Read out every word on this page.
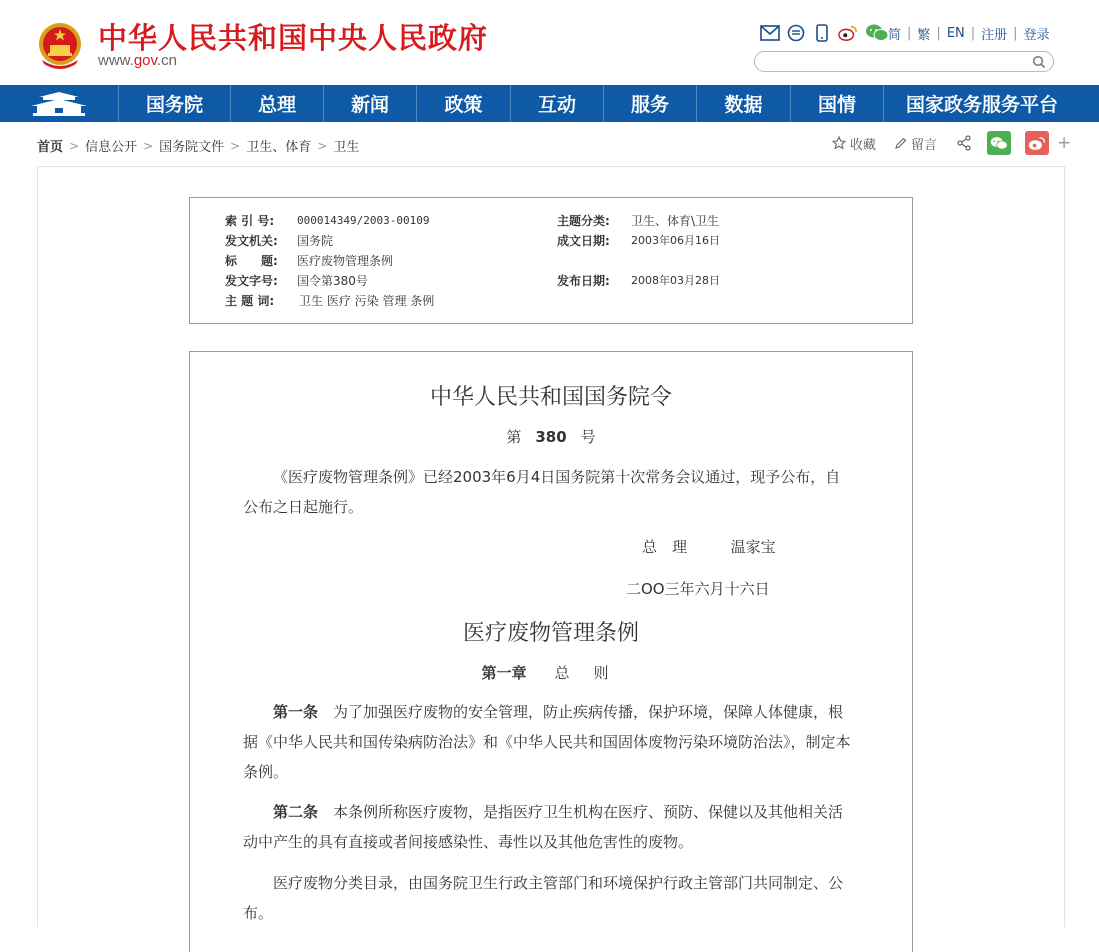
中华人民共和国中央人民政府
www.gov.cn
简 | 繁 | EN | 注册 | 登录
国务院	总理	新闻	政策	互动	服务	数据	国情	国家政务服务平台
首页 > 信息公开 > 国务院文件 > 卫生、体育 > 卫生	收藏	留言	+
索 引 号:	000014349/2003-00109	主题分类:	卫生、体育\卫生
发文机关:	国务院	成文日期:	2003年06月16日
标　　题:	医疗废物管理条例		
发文字号:	国令第380号	发布日期:	2008年03月28日
主 题 词:	卫生 医疗 污染 管理 条例		
中华人民共和国国务院令
第 380 号
《医疗废物管理条例》已经2003年6月4日国务院第十次常务会议通过，现予公布，自公布之日起施行。
总　理	温家宝
二OO三年六月十六日
医疗废物管理条例
第一章 总 则
第一条　 为了加强医疗废物的安全管理，防止疾病传播，保护环境，保障人体健康，根据《中华人民共和国传染病防治法》和《中华人民共和国固体废物污染环境防治法》，制定本条例。
第二条　 本条例所称医疗废物，是指医疗卫生机构在医疗、预防、保健以及其他相关活动中产生的具有直接或者间接感染性、毒性以及其他危害性的废物。
医疗废物分类目录，由国务院卫生行政主管部门和环境保护行政主管部门共同制定、公布。
